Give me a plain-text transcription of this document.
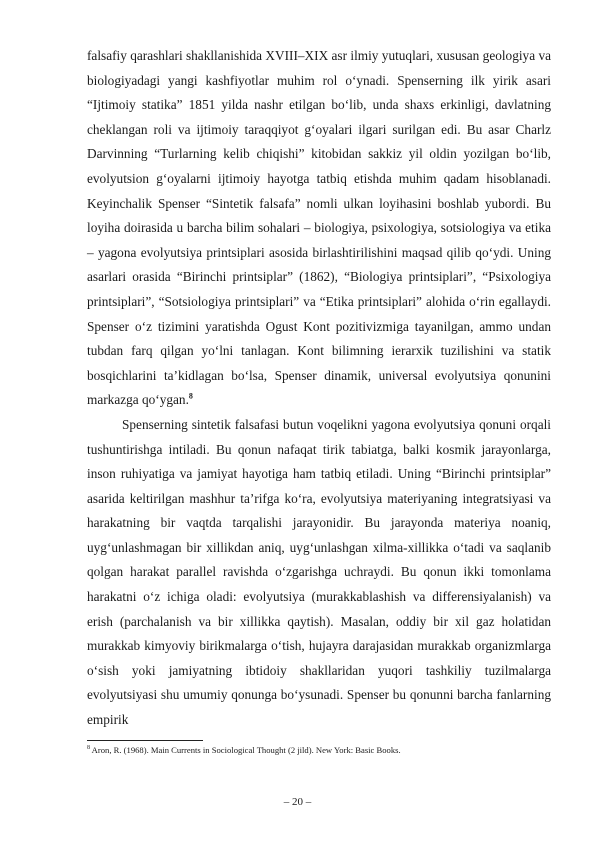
falsafiy qarashlari shakllanishida XVIII–XIX asr ilmiy yutuqlari, xususan geologiya va biologiyadagi yangi kashfiyotlar muhim rol o‘ynadi. Spenserning ilk yirik asari “Ijtimoiy statika” 1851 yilda nashr etilgan bo‘lib, unda shaxs erkinligi, davlatning cheklangan roli va ijtimoiy taraqqiyot g‘oyalari ilgari surilgan edi. Bu asar Charlz Darvinning “Turlarning kelib chiqishi” kitobidan sakkiz yil oldin yozilgan bo‘lib, evolyutsion g‘oyalarni ijtimoiy hayotga tatbiq etishda muhim qadam hisoblanadi. Keyinchalik Spenser “Sintetik falsafa” nomli ulkan loyihasini boshlab yubordi. Bu loyiha doirasida u barcha bilim sohalari – biologiya, psixologiya, sotsiologiya va etika – yagona evolyutsiya printsiplari asosida birlashtirilishini maqsad qilib qo‘ydi. Uning asarlari orasida “Birinchi printsiplar” (1862), “Biologiya printsiplari”, “Psixologiya printsiplari”, “Sotsiologiya printsiplari” va “Etika printsiplari” alohida o‘rin egallaydi. Spenser o‘z tizimini yaratishda Ogust Kont pozitivizmiga tayanilgan, ammo undan tubdan farq qilgan yo‘lni tanlagan. Kont bilimning ierarxik tuzilishini va statik bosqichlarini ta’kidlagan bo‘lsa, Spenser dinamik, universal evolyutsiya qonunini markazga qo‘ygan.$^8$

Spenserning sintetik falsafasi butun voqelikni yagona evolyutsiya qonuni orqali tushuntirishga intiladi. Bu qonun nafaqat tirik tabiatga, balki kosmik jarayonlarga, inson ruhiyatiga va jamiyat hayotiga ham tatbiq etiladi. Uning “Birinchi printsiplar” asarida keltirilgan mashhur ta’rifga ko‘ra, evolyutsiya materiyaning integratsiyasi va harakatning bir vaqtda tarqalishi jarayonidir. Bu jarayonda materiya noaniq, uyg‘unlashmagan bir xillikdan aniq, uyg‘unlashgan xilma-xillikka o‘tadi va saqlanib qolgan harakat parallel ravishda o‘zgarishga uchraydi. Bu qonun ikki tomonlama harakatni o‘z ichiga oladi: evolyutsiya (murakkablashish va differensiyalanish) va erish (parchalanish va bir xillikka qaytish). Masalan, oddiy bir xil gaz holatidan murakkab kimyoviy birikmalarga o‘tish, hujayra darajasidan murakkab organizmlarga o‘sish yoki jamiyatning ibtidoiy shakllaridan yuqori tashkiliy tuzilmalarga evolyutsiyasi shu umumiy qonunga bo‘ysunadi. Spenser bu qonunni barcha fanlarning empirik

$^8$ Aron, R. (1968). Main Currents in Sociological Thought (2 jild). New York: Basic Books.
– 20 –
